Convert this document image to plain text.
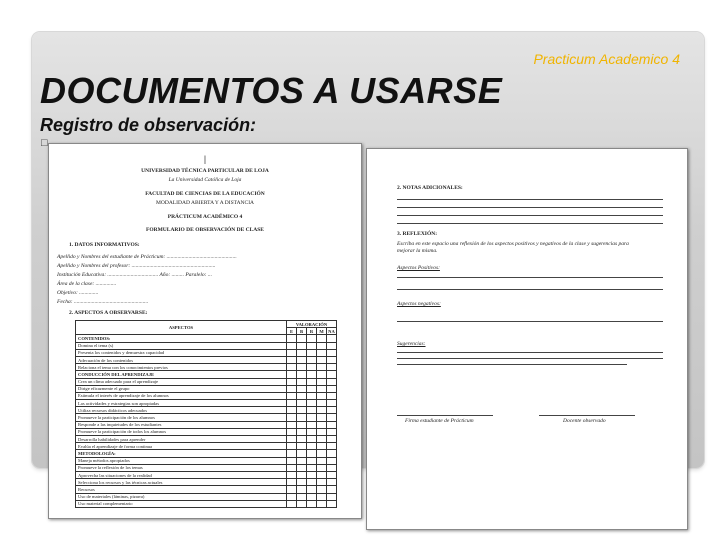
Practicum Academico 4
DOCUMENTOS A USARSE
Registro de observación:
□
|
UNIVERSIDAD TÉCNICA PARTICULAR DE LOJA
La Universidad Católica de Loja
FACULTAD DE CIENCIAS DE LA EDUCACIÓN
MODALIDAD ABIERTA Y A DISTANCIA
PRÁCTICUM ACADÉMICO 4
FORMULARIO DE OBSERVACIÓN DE CLASE
1. DATOS INFORMATIVOS:
Apellido y Nombres del estudiante de Prácticum: ...................................................
Apellido y Nombres del profesor: .............................................................
Institución Educativa: ..................................... Año: ......... Paralelo: ...
Área de la clase: ...............
Objetivo: ..............
Fecha: ......................................................
2. ASPECTOS A OBSERVARSE:
ASPECTOS	VALORACIÓN				
	E	B	R	M	NA
CONTENIDOS:					
Domina el tema (s)					
Presenta los contenidos y demuestra capacidad					
Adecuación de los contenidos					
Relaciona el tema con los conocimientos previos					
CONDUCCIÓN DEL APRENDIZAJE					
Crea un clima adecuado para el aprendizaje					
Dirige eficazmente el grupo					
Estimula el interés de aprendizaje de los alumnos					
Las actividades y estrategias son apropiadas					
Utiliza recursos didácticos adecuados					
Promueve la participación de los alumnos					
Responde a las inquietudes de los estudiantes					
Promueve la participación de todos los alumnos					
Desarrolla habilidades para aprender					
Evalúa el aprendizaje de forma continua					
METODOLOGÍA:					
Maneja métodos apropiados					
Promueve la reflexión de los temas					
Aprovecha las situaciones de la realidad					
Selecciona los recursos y las técnicas actuales					
Recursos					
Uso de materiales (láminas, pizarra)					
Uso material complementario					
2. NOTAS ADICIONALES:
3. REFLEXIÓN:
Escriba en este espacio una reflexión de los aspectos positivos y negativos de la clase y sugerencias para
mejorar la misma.
Aspectos Positivos:
Aspectos negativos:
Sugerencias:
Firma estudiante de Prácticum	Docente observado
